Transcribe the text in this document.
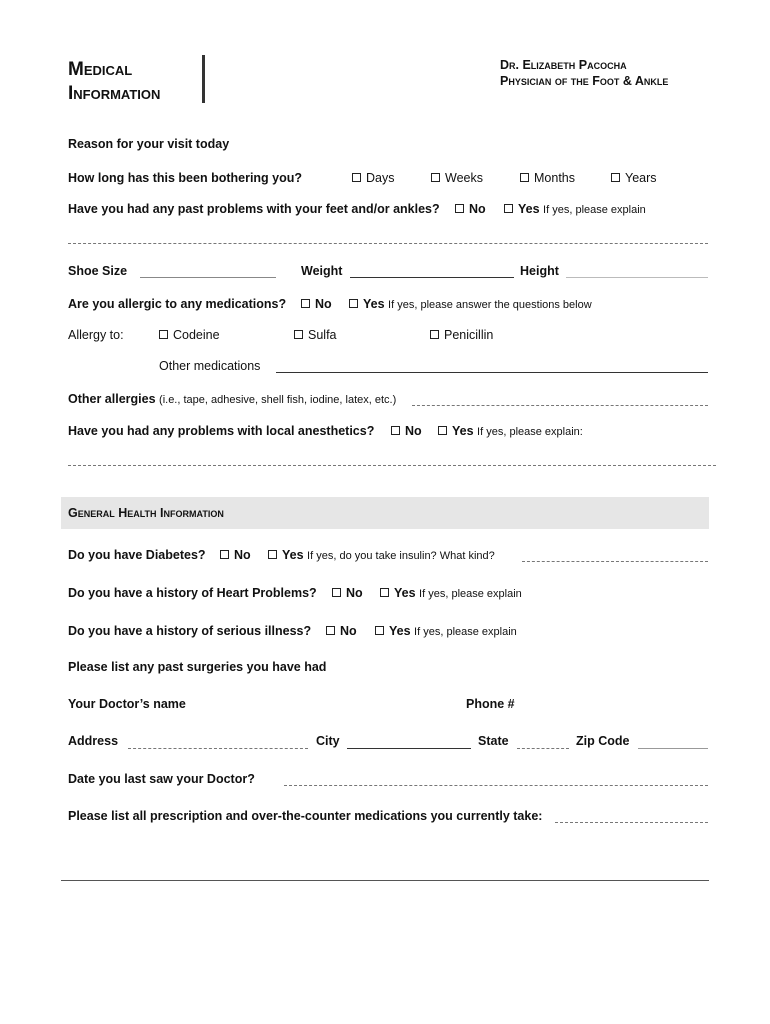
Medical
Information
Dr. Elizabeth Pacocha
Physician of the Foot & Ankle
Reason for your visit today
How long has this been bothering you?	Days	Weeks	Months	Years
Have you had any past problems with your feet and/or ankles?	No	Yes If yes, please explain
Shoe Size	Weight	Height
Are you allergic to any medications?	No	Yes If yes, please answer the questions below
Allergy to:	Codeine	Sulfa	Penicillin
Other medications
Other allergies (i.e., tape, adhesive, shell fish, iodine, latex, etc.)
Have you had any problems with local anesthetics?	No	Yes If yes, please explain:
General Health Information
Do you have Diabetes?	No	Yes If yes, do you take insulin? What kind?
Do you have a history of Heart Problems?	No	Yes If yes, please explain
Do you have a history of serious illness?	No	Yes If yes, please explain
Please list any past surgeries you have had
Your Doctor’s name	Phone #
Address	City	State	Zip Code
Date you last saw your Doctor?
Please list all prescription and over-the-counter medications you currently take:
